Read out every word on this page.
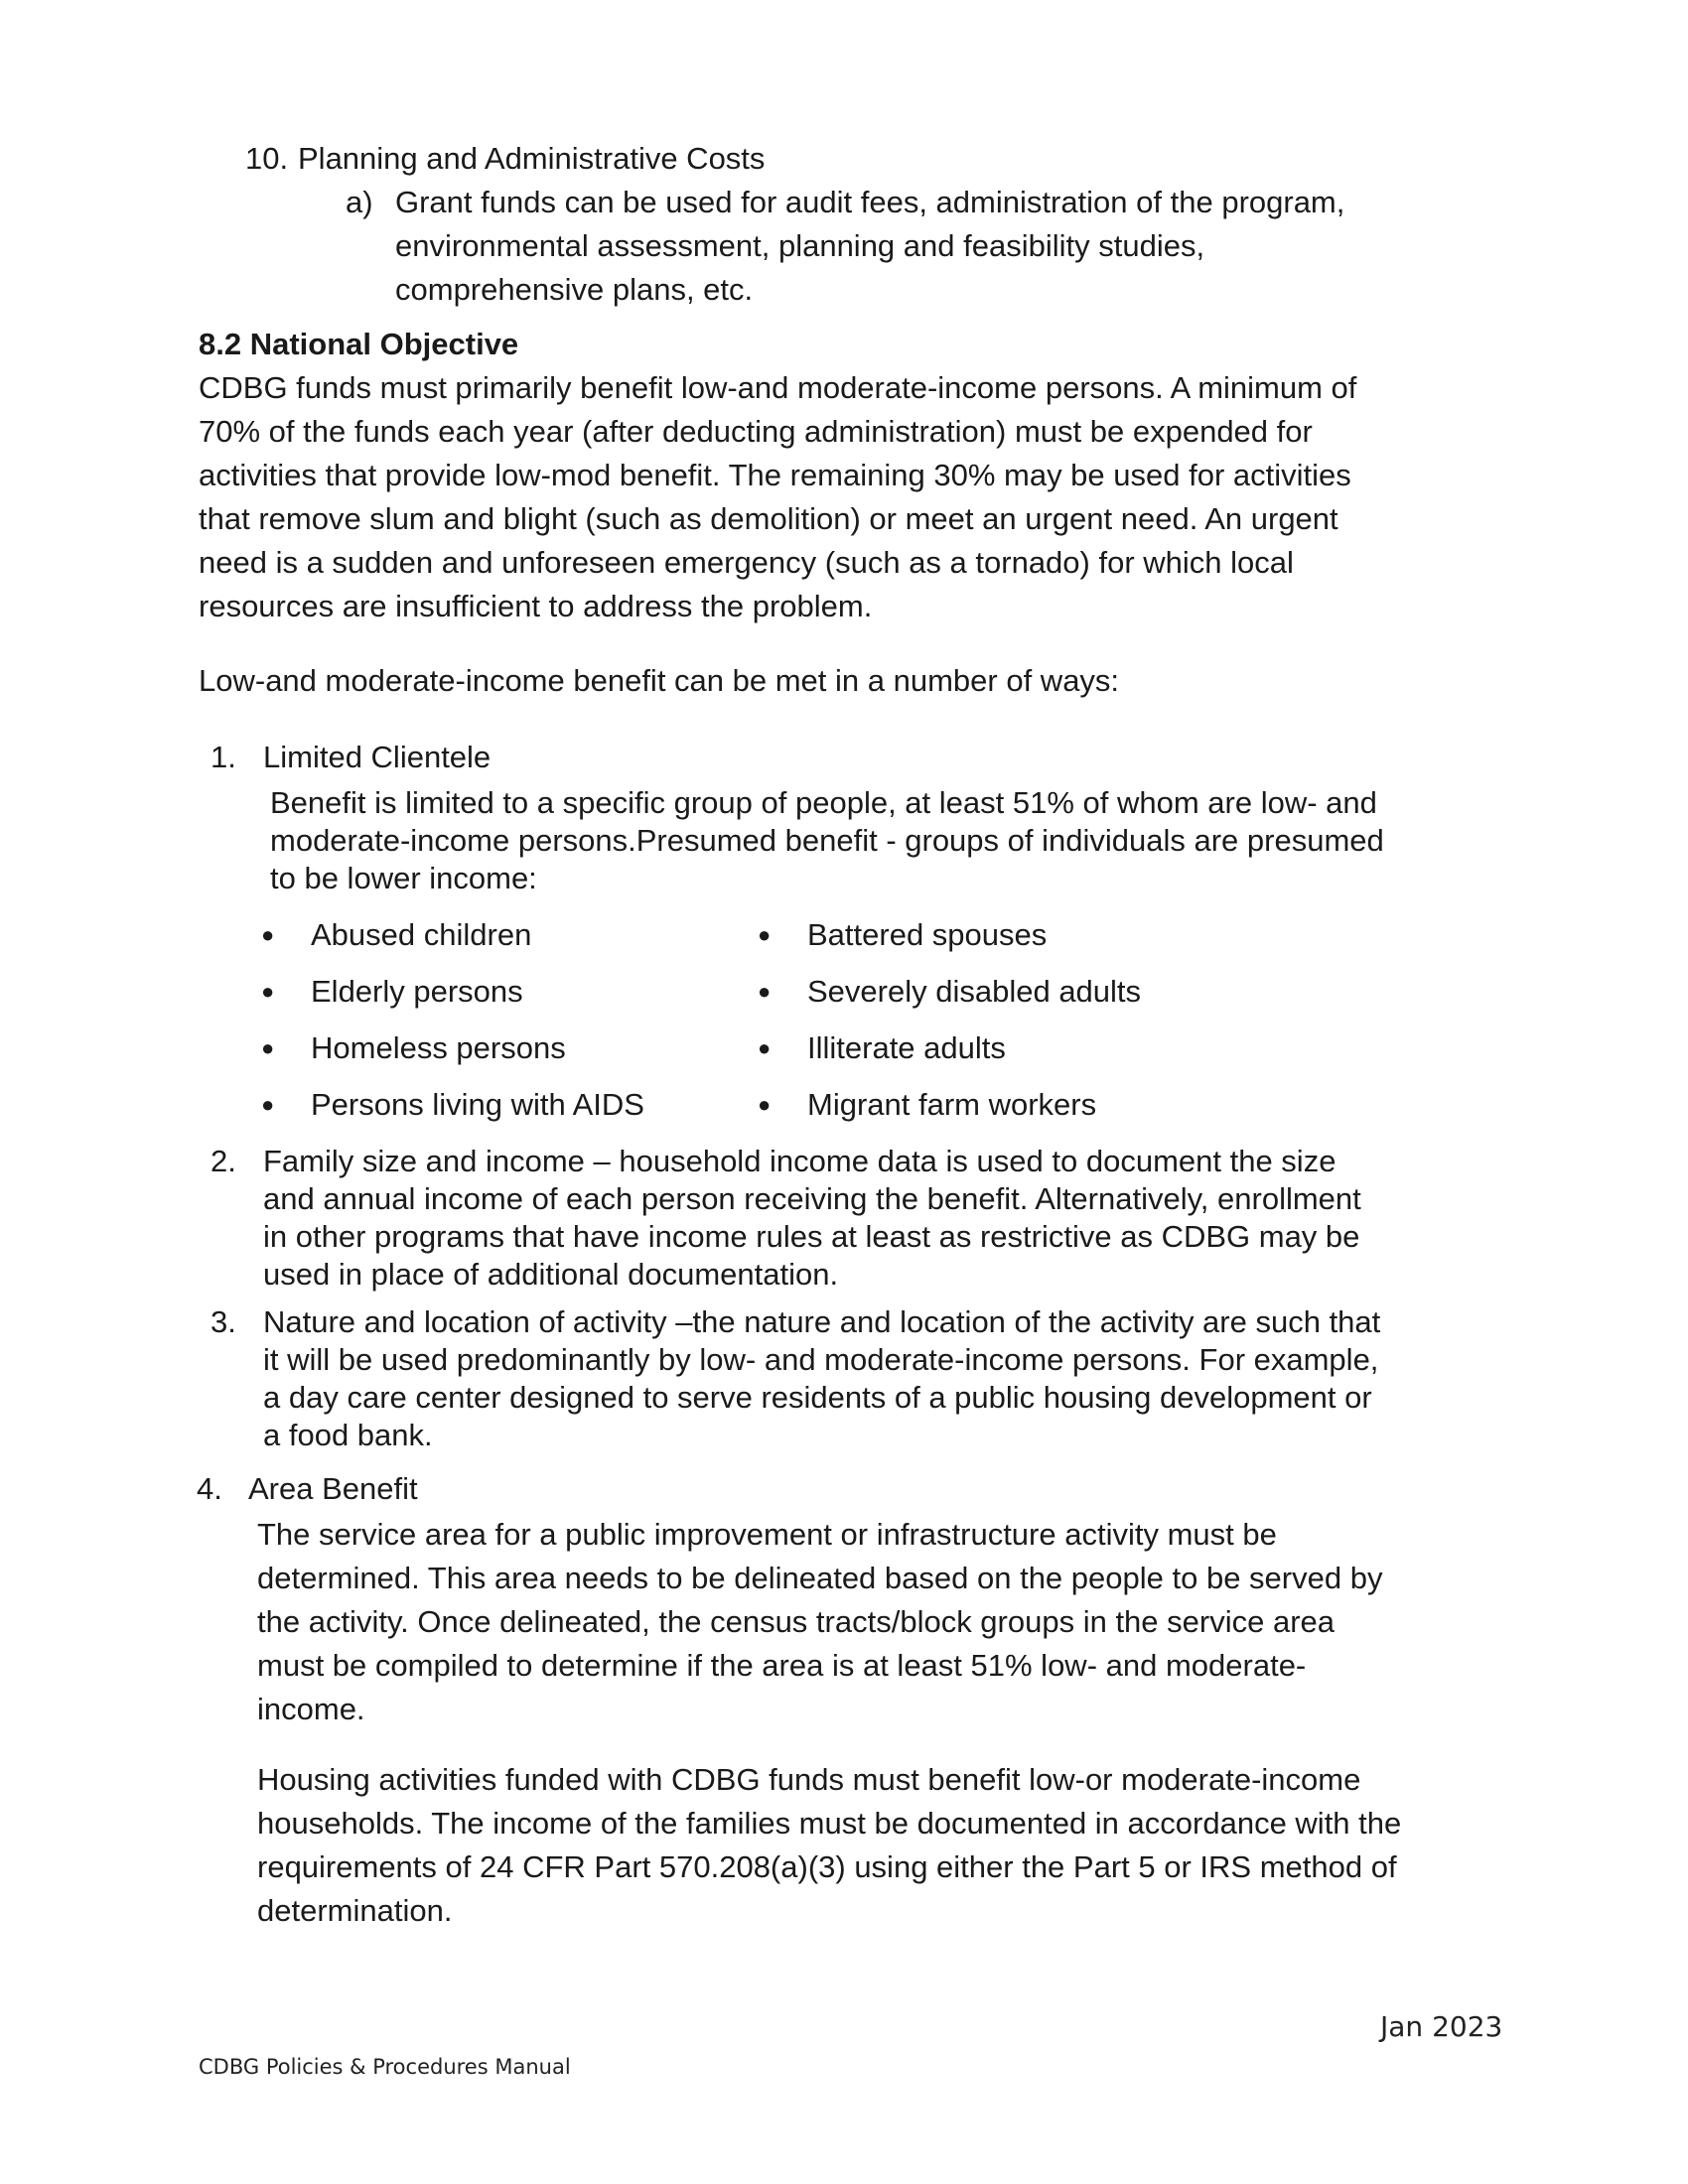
10. Planning and Administrative Costs
a) Grant funds can be used for audit fees, administration of the program,

environmental assessment, planning and feasibility studies,

comprehensive plans, etc.

8.2 National Objective

CDBG funds must primarily benefit low-and moderate-income persons. A minimum of

70% of the funds each year (after deducting administration) must be expended for

activities that provide low-mod benefit. The remaining 30% may be used for activities

that remove slum and blight (such as demolition) or meet an urgent need. An urgent

need is a sudden and unforeseen emergency (such as a tornado) for which local

resources are insufficient to address the problem.

Low-and moderate-income benefit can be met in a number of ways:
1. Limited Clientele

Benefit is limited to a specific group of people, at least 51% of whom are low- and

moderate-income persons.Presumed benefit - groups of individuals are presumed

to be lower income:

● Abused children
● Elderly persons
● Homeless persons
● Persons living with AIDS
● Battered spouses
● Severely disabled adults
● Illiterate adults
● Migrant farm workers
2. Family size and income – household income data is used to document the size

and annual income of each person receiving the benefit. Alternatively, enrollment

in other programs that have income rules at least as restrictive as CDBG may be

used in place of additional documentation.

3. Nature and location of activity –the nature and location of the activity are such that

it will be used predominantly by low- and moderate-income persons. For example,

a day care center designed to serve residents of a public housing development or

a food bank.

4. Area Benefit

The service area for a public improvement or infrastructure activity must be

determined. This area needs to be delineated based on the people to be served by

the activity. Once delineated, the census tracts/block groups in the service area

must be compiled to determine if the area is at least 51% low- and moderate-

income.

Housing activities funded with CDBG funds must benefit low-or moderate-income

households. The income of the families must be documented in accordance with the

requirements of 24 CFR Part 570.208(a)(3) using either the Part 5 or IRS method of

determination.

Jan 2023
CDBG Policies & Procedures Manual
